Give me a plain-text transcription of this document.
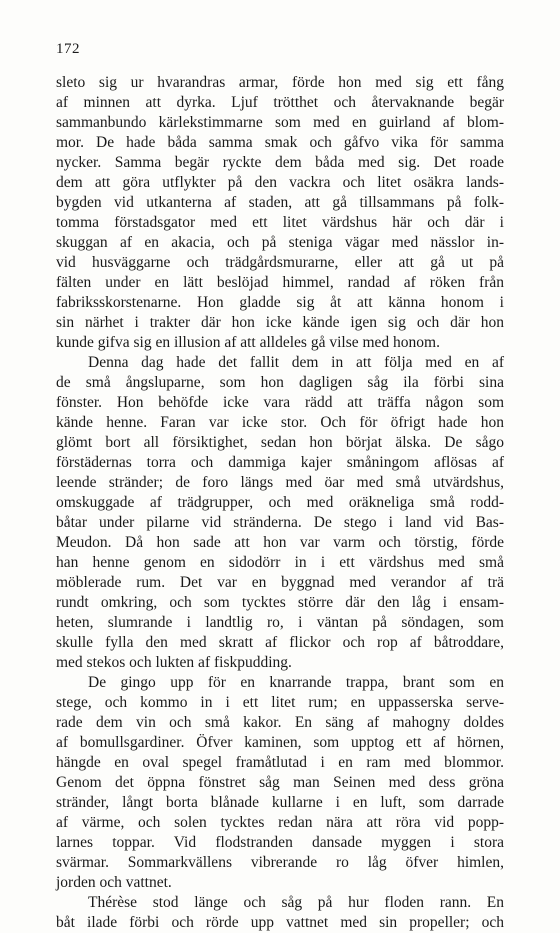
172
sleto sig ur hvarandras armar, förde hon med sig ett fång
af minnen att dyrka. Ljuf trötthet och återvaknande begär
sammanbundo kärlekstimmarne som med en guirland af blom-
mor. De hade båda samma smak och gåfvo vika för samma
nycker. Samma begär ryckte dem båda med sig. Det roade
dem att göra utflykter på den vackra och litet osäkra lands-
bygden vid utkanterna af staden, att gå tillsammans på folk-
tomma förstadsgator med ett litet värdshus här och där i
skuggan af en akacia, och på steniga vägar med nässlor in-
vid husväggarne och trädgårdsmurarne, eller att gå ut på
fälten under en lätt beslöjad himmel, randad af röken från
fabriksskorstenarne. Hon gladde sig åt att känna honom i
sin närhet i trakter där hon icke kände igen sig och där hon
kunde gifva sig en illusion af att alldeles gå vilse med honom.
Denna dag hade det fallit dem in att följa med en af
de små ångsluparne, som hon dagligen såg ila förbi sina
fönster. Hon behöfde icke vara rädd att träffa någon som
kände henne. Faran var icke stor. Och för öfrigt hade hon
glömt bort all försiktighet, sedan hon börjat älska. De sågo
förstädernas torra och dammiga kajer småningom aflösas af
leende stränder; de foro längs med öar med små utvärdshus,
omskuggade af trädgrupper, och med oräkneliga små rodd-
båtar under pilarne vid stränderna. De stego i land vid Bas-
Meudon. Då hon sade att hon var varm och törstig, förde
han henne genom en sidodörr in i ett värdshus med små
möblerade rum. Det var en byggnad med verandor af trä
rundt omkring, och som tycktes större där den låg i ensam-
heten, slumrande i landtlig ro, i väntan på söndagen, som
skulle fylla den med skratt af flickor och rop af båtroddare,
med stekos och lukten af fiskpudding.
De gingo upp för en knarrande trappa, brant som en
stege, och kommo in i ett litet rum; en uppasserska serve-
rade dem vin och små kakor. En säng af mahogny doldes
af bomullsgardiner. Öfver kaminen, som upptog ett af hörnen,
hängde en oval spegel framåtlutad i en ram med blommor.
Genom det öppna fönstret såg man Seinen med dess gröna
stränder, långt borta blånade kullarne i en luft, som darrade
af värme, och solen tycktes redan nära att röra vid popp-
larnes toppar. Vid flodstranden dansade myggen i stora
svärmar. Sommarkvällens vibrerande ro låg öfver himlen,
jorden och vattnet.
Thérèse stod länge och såg på hur floden rann. En
båt ilade förbi och rörde upp vattnet med sin propeller; och
